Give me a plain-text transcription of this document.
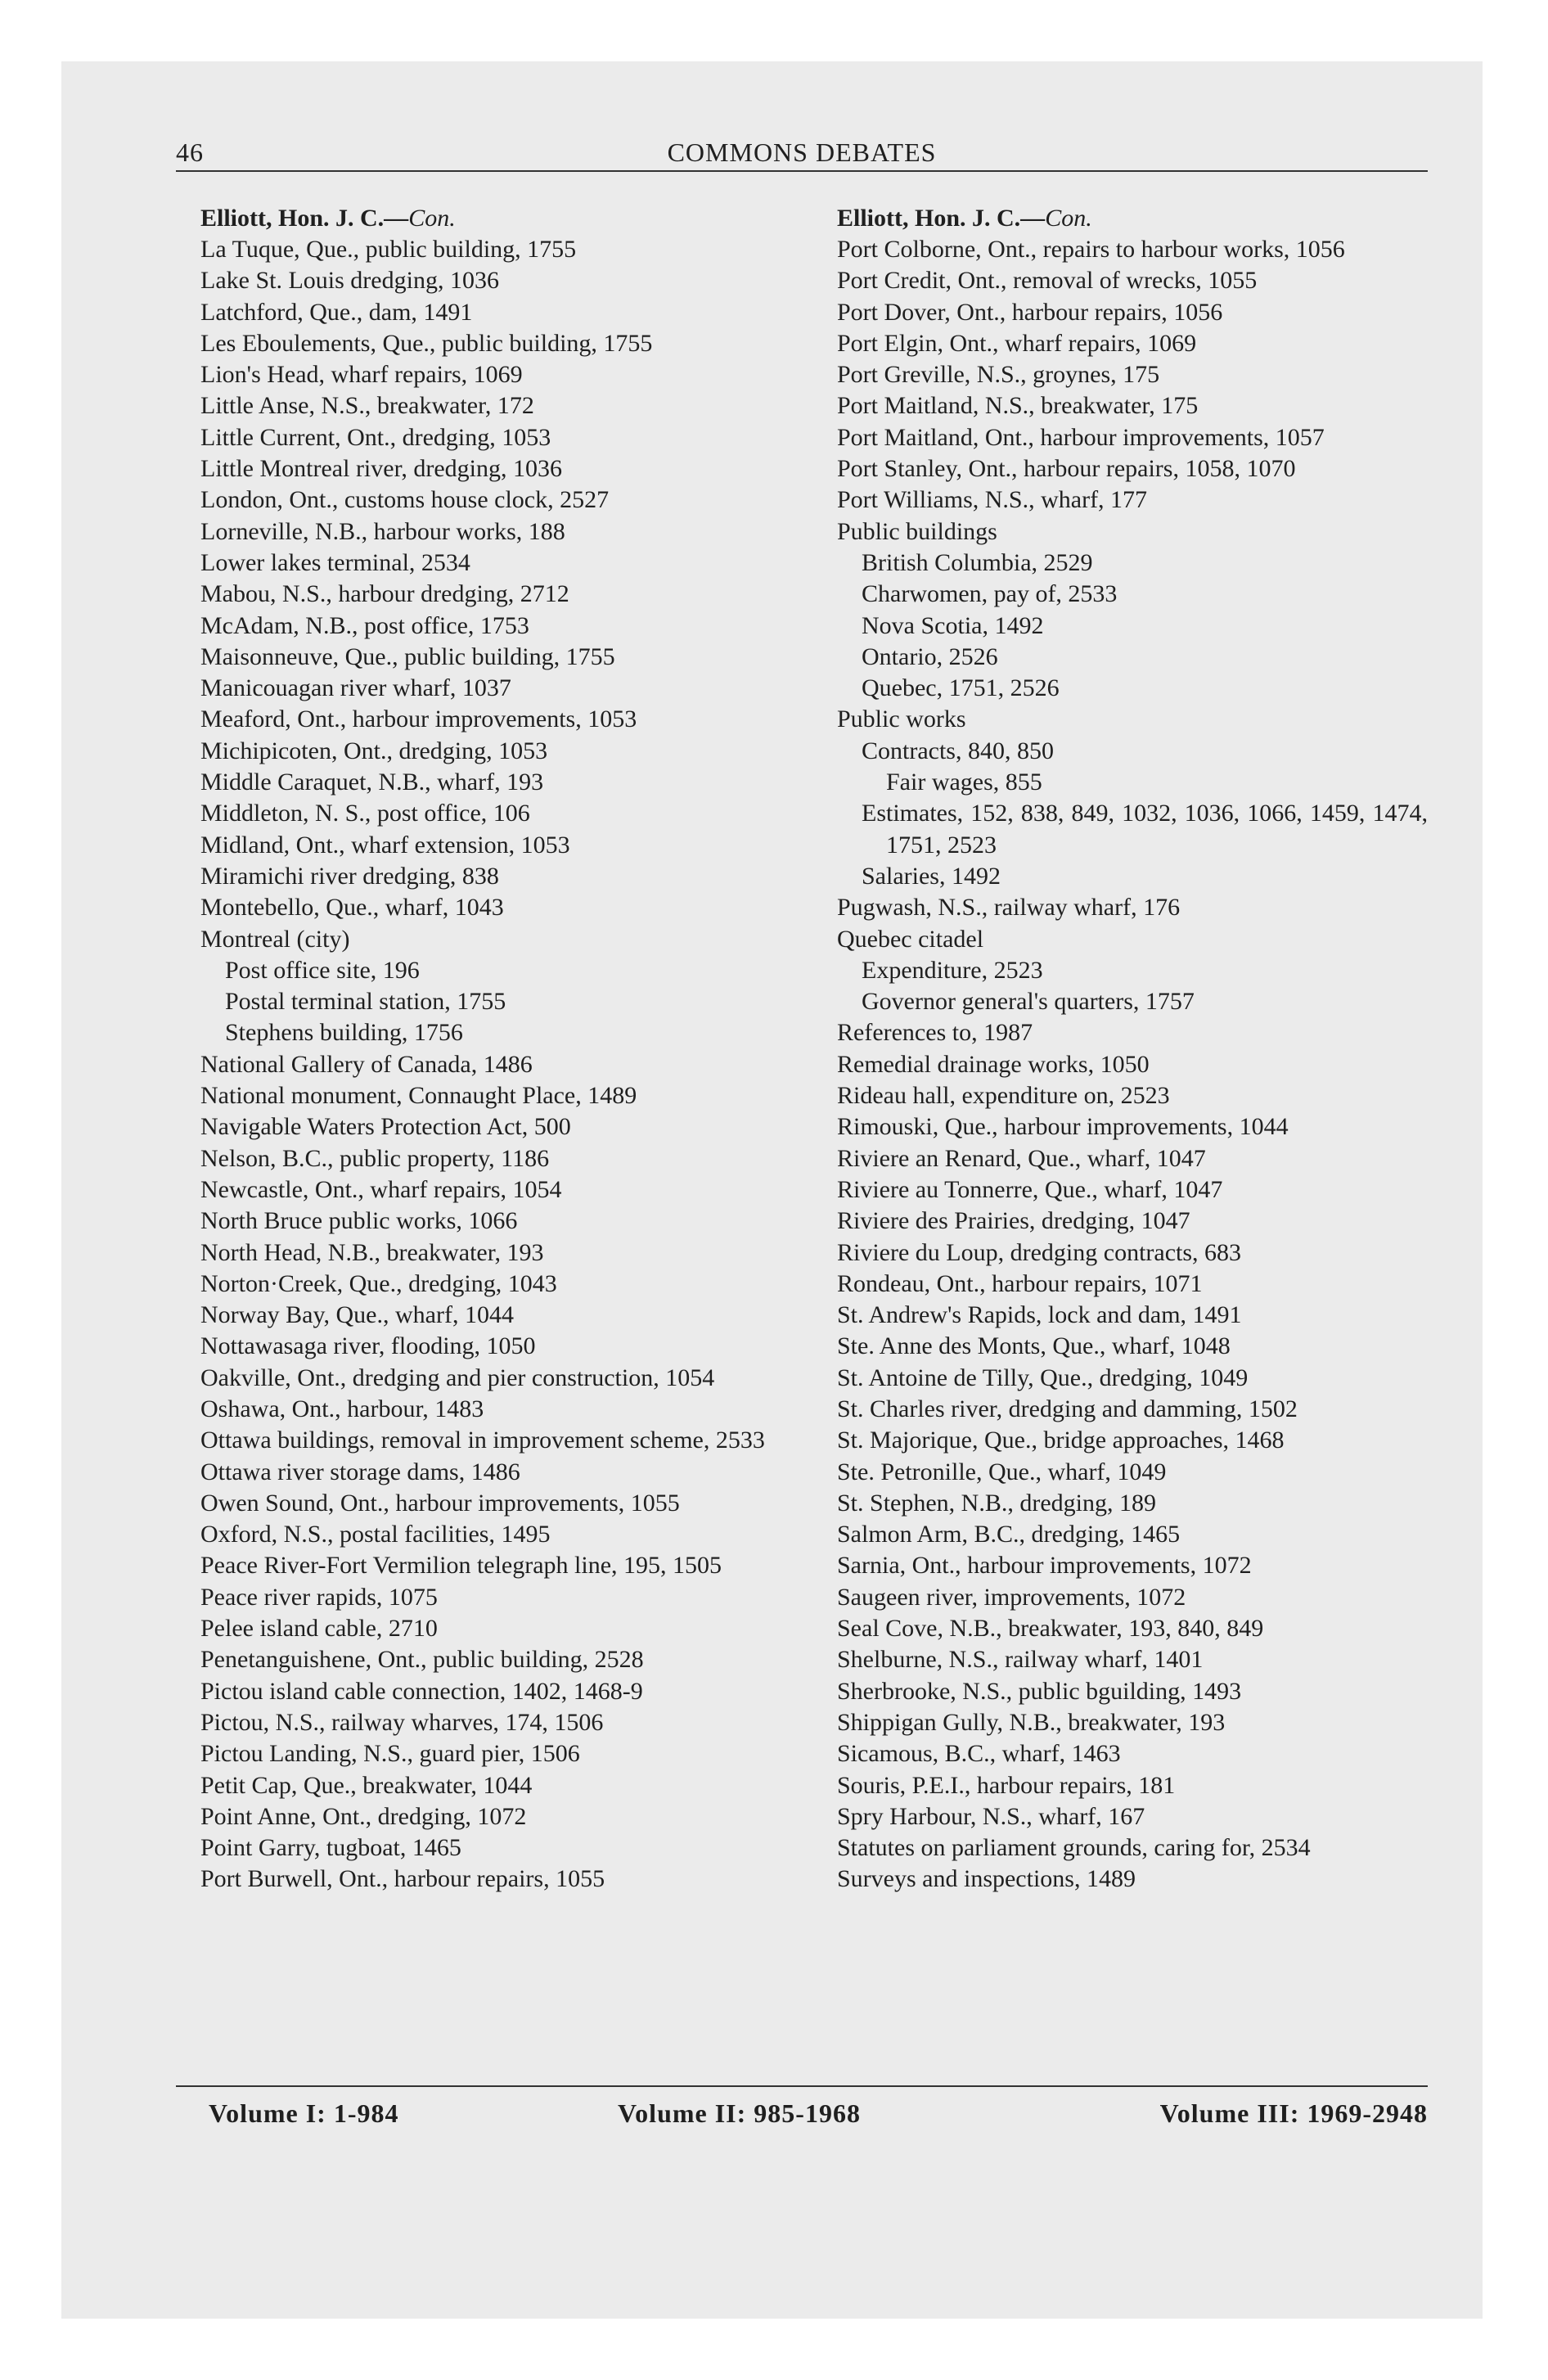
46	COMMONS DEBATES
Elliott, Hon. J. C.—Con.
La Tuque, Que., public building, 1755
Lake St. Louis dredging, 1036
Latchford, Que., dam, 1491
Les Eboulements, Que., public building, 1755
Lion's Head, wharf repairs, 1069
Little Anse, N.S., breakwater, 172
Little Current, Ont., dredging, 1053
Little Montreal river, dredging, 1036
London, Ont., customs house clock, 2527
Lorneville, N.B., harbour works, 188
Lower lakes terminal, 2534
Mabou, N.S., harbour dredging, 2712
McAdam, N.B., post office, 1753
Maisonneuve, Que., public building, 1755
Manicouagan river wharf, 1037
Meaford, Ont., harbour improvements, 1053
Michipicoten, Ont., dredging, 1053
Middle Caraquet, N.B., wharf, 193
Middleton, N. S., post office, 106
Midland, Ont., wharf extension, 1053
Miramichi river dredging, 838
Montebello, Que., wharf, 1043
Montreal (city)
Post office site, 196
Postal terminal station, 1755
Stephens building, 1756
National Gallery of Canada, 1486
National monument, Connaught Place, 1489
Navigable Waters Protection Act, 500
Nelson, B.C., public property, 1186
Newcastle, Ont., wharf repairs, 1054
North Bruce public works, 1066
North Head, N.B., breakwater, 193
Norton·Creek, Que., dredging, 1043
Norway Bay, Que., wharf, 1044
Nottawasaga river, flooding, 1050
Oakville, Ont., dredging and pier construction, 1054
Oshawa, Ont., harbour, 1483
Ottawa buildings, removal in improvement scheme, 2533
Ottawa river storage dams, 1486
Owen Sound, Ont., harbour improvements, 1055
Oxford, N.S., postal facilities, 1495
Peace River-Fort Vermilion telegraph line, 195, 1505
Peace river rapids, 1075
Pelee island cable, 2710
Penetanguishene, Ont., public building, 2528
Pictou island cable connection, 1402, 1468-9
Pictou, N.S., railway wharves, 174, 1506
Pictou Landing, N.S., guard pier, 1506
Petit Cap, Que., breakwater, 1044
Point Anne, Ont., dredging, 1072
Point Garry, tugboat, 1465
Port Burwell, Ont., harbour repairs, 1055
Elliott, Hon. J. C.—Con.
Port Colborne, Ont., repairs to harbour works, 1056
Port Credit, Ont., removal of wrecks, 1055
Port Dover, Ont., harbour repairs, 1056
Port Elgin, Ont., wharf repairs, 1069
Port Greville, N.S., groynes, 175
Port Maitland, N.S., breakwater, 175
Port Maitland, Ont., harbour improvements, 1057
Port Stanley, Ont., harbour repairs, 1058, 1070
Port Williams, N.S., wharf, 177
Public buildings
British Columbia, 2529
Charwomen, pay of, 2533
Nova Scotia, 1492
Ontario, 2526
Quebec, 1751, 2526
Public works
Contracts, 840, 850
Fair wages, 855
Estimates, 152, 838, 849, 1032, 1036, 1066, 1459, 1474, 1751, 2523
Salaries, 1492
Pugwash, N.S., railway wharf, 176
Quebec citadel
Expenditure, 2523
Governor general's quarters, 1757
References to, 1987
Remedial drainage works, 1050
Rideau hall, expenditure on, 2523
Rimouski, Que., harbour improvements, 1044
Riviere an Renard, Que., wharf, 1047
Riviere au Tonnerre, Que., wharf, 1047
Riviere des Prairies, dredging, 1047
Riviere du Loup, dredging contracts, 683
Rondeau, Ont., harbour repairs, 1071
St. Andrew's Rapids, lock and dam, 1491
Ste. Anne des Monts, Que., wharf, 1048
St. Antoine de Tilly, Que., dredging, 1049
St. Charles river, dredging and damming, 1502
St. Majorique, Que., bridge approaches, 1468
Ste. Petronille, Que., wharf, 1049
St. Stephen, N.B., dredging, 189
Salmon Arm, B.C., dredging, 1465
Sarnia, Ont., harbour improvements, 1072
Saugeen river, improvements, 1072
Seal Cove, N.B., breakwater, 193, 840, 849
Shelburne, N.S., railway wharf, 1401
Sherbrooke, N.S., public bguilding, 1493
Shippigan Gully, N.B., breakwater, 193
Sicamous, B.C., wharf, 1463
Souris, P.E.I., harbour repairs, 181
Spry Harbour, N.S., wharf, 167
Statutes on parliament grounds, caring for, 2534
Surveys and inspections, 1489
Volume I: 1-984	Volume II: 985-1968	Volume III: 1969-2948
